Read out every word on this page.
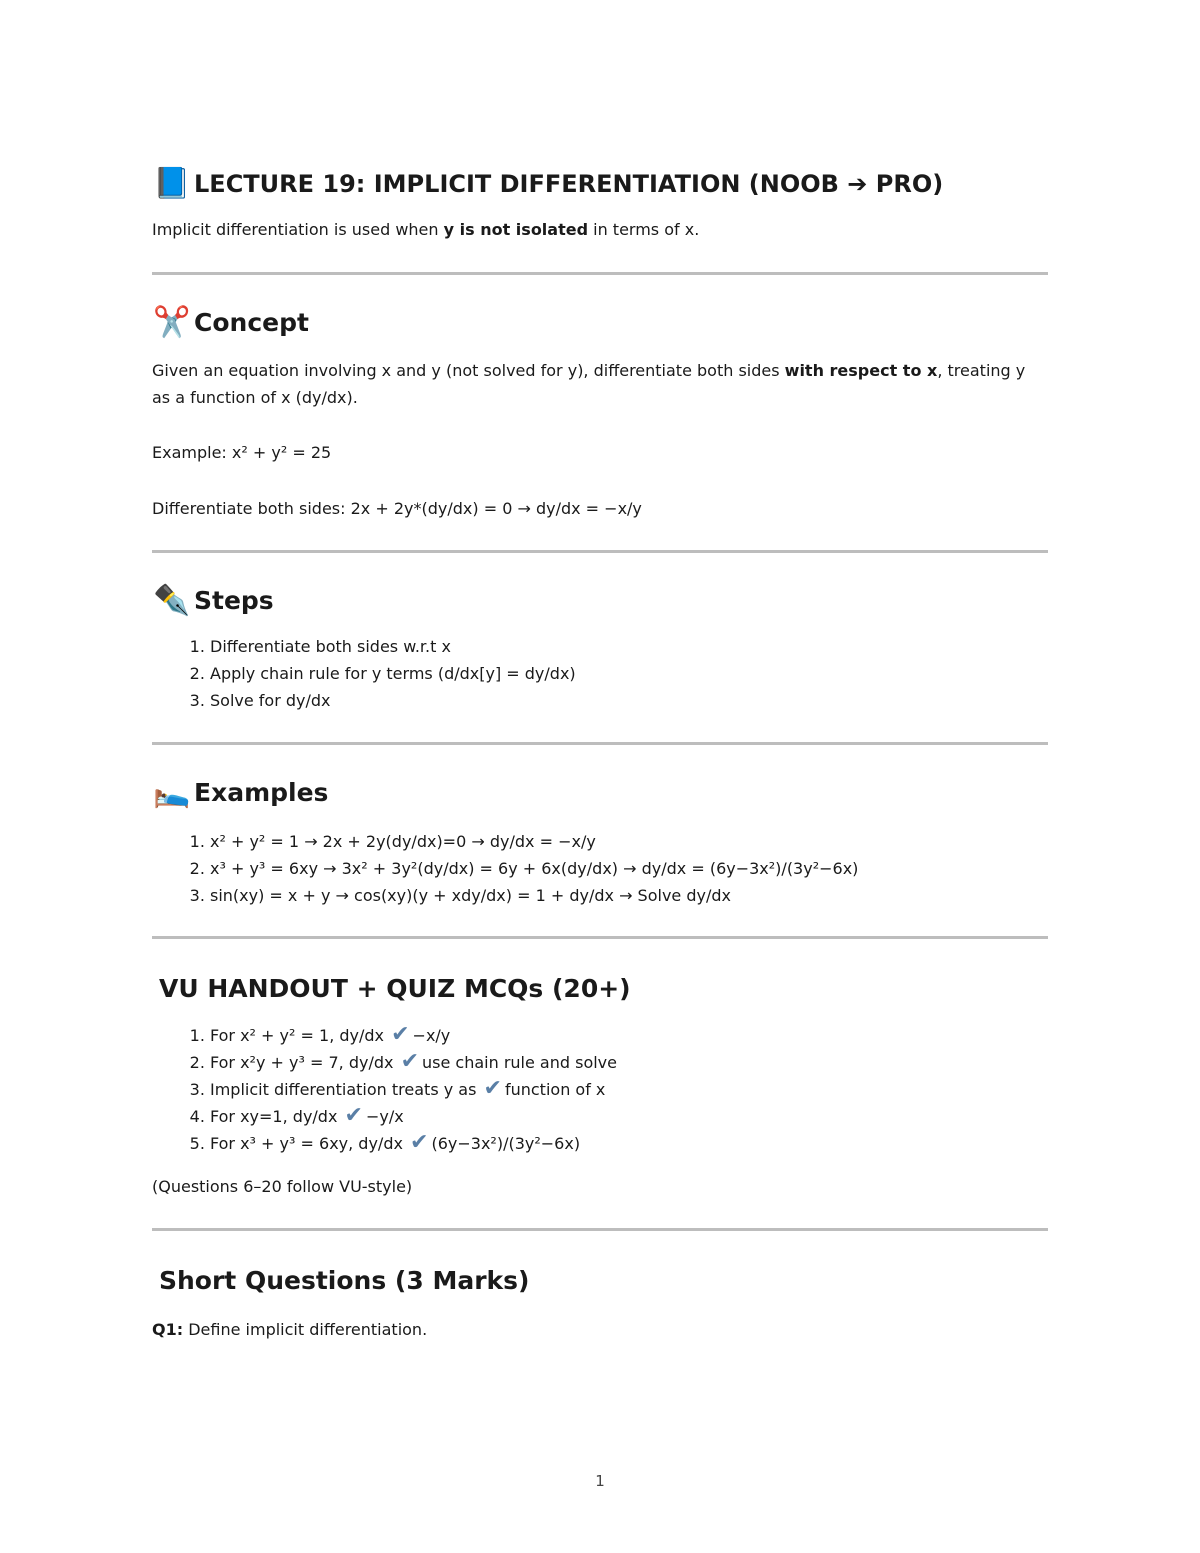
📘 LECTURE 19: IMPLICIT DIFFERENTIATION (NOOB ➔ PRO)

Implicit differentiation is used when y is not isolated in terms of x.

✂️ Concept

Given an equation involving x and y (not solved for y), differentiate both sides with respect to x, treating y as a function of x (dy/dx).

Example: x² + y² = 25

Differentiate both sides: 2x + 2y*(dy/dx) = 0 → dy/dx = −x/y

✒️ Steps
1. Differentiate both sides w.r.t x
2. Apply chain rule for y terms (d/dx[y] = dy/dx)
3. Solve for dy/dx
🛌 Examples
1. x² + y² = 1 → 2x + 2y(dy/dx)=0 → dy/dx = −x/y
2. x³ + y³ = 6xy → 3x² + 3y²(dy/dx) = 6y + 6x(dy/dx) → dy/dx = (6y−3x²)/(3y²−6x)
3. sin(xy) = x + y → cos(xy)(y + xdy/dx) = 1 + dy/dx → Solve dy/dx
VU HANDOUT + QUIZ MCQs (20+)
1. For x² + y² = 1, dy/dx ✔ −x/y
2. For x²y + y³ = 7, dy/dx ✔ use chain rule and solve
3. Implicit differentiation treats y as ✔ function of x
4. For xy=1, dy/dx ✔ −y/x
5. For x³ + y³ = 6xy, dy/dx ✔ (6y−3x²)/(3y²−6x)

(Questions 6–20 follow VU-style)

Short Questions (3 Marks)

Q1: Define implicit differentiation.

1
